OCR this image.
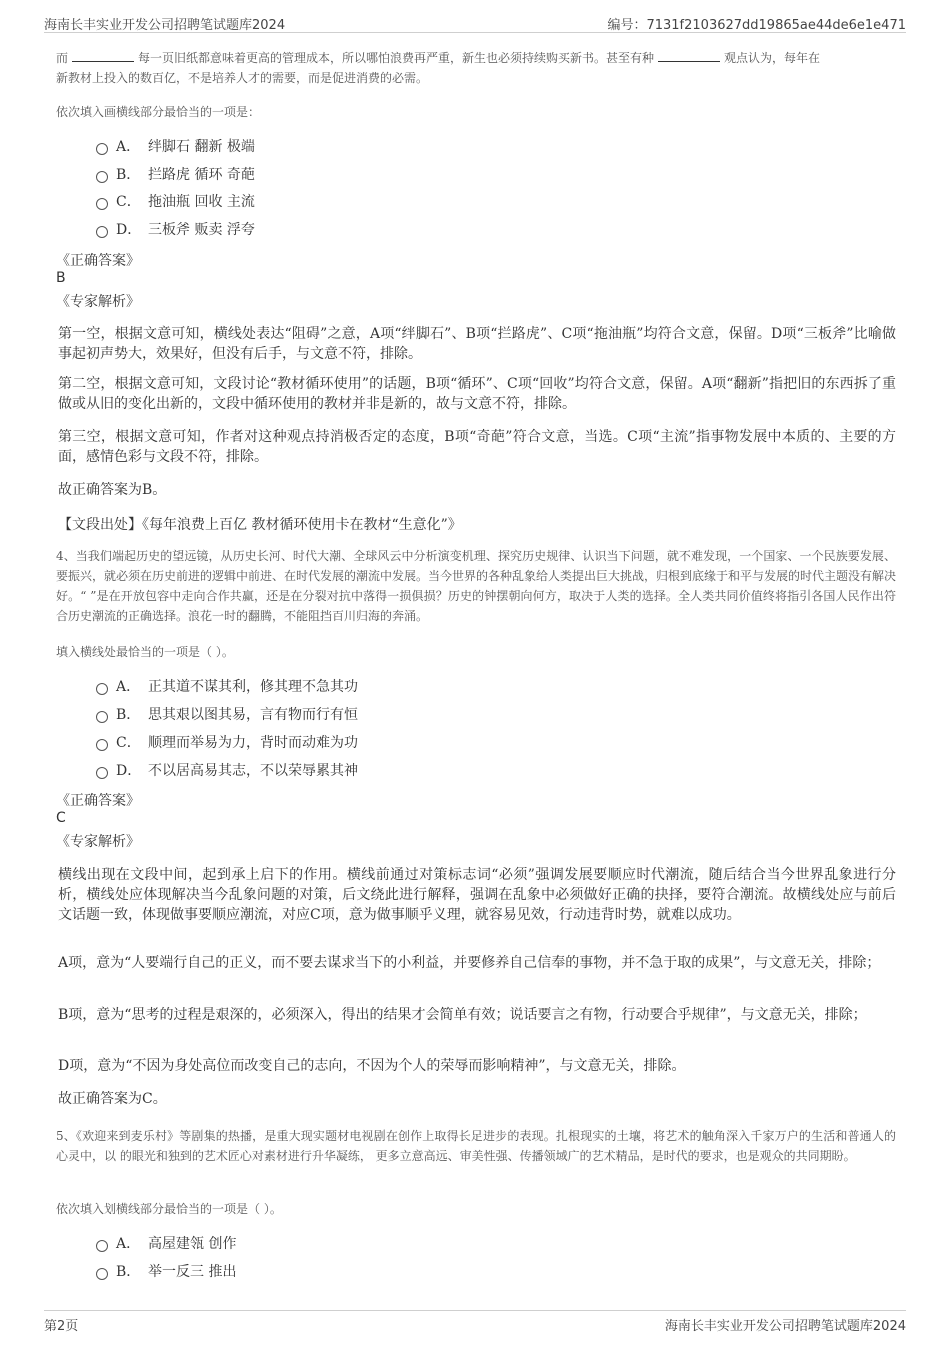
海南长丰实业开发公司招聘笔试题库2024	编号：7131f2103627dd19865ae44de6e1e471
而	每一页旧纸都意味着更高的管理成本，所以哪怕浪费再严重，新生也必须持续购买新书。甚至有种	观点认为，每年在
新教材上投入的数百亿，不是培养人才的需要，而是促进消费的必需。
依次填入画横线部分最恰当的一项是：
A． 绊脚石 翻新 极端
B． 拦路虎 循环 奇葩
C． 拖油瓶 回收 主流
D． 三板斧 贩卖 浮夸
《正确答案》
B
《专家解析》
第一空，根据文意可知，横线处表达“阻碍”之意，A项“绊脚石”、B项“拦路虎”、C项“拖油瓶”均符合文意，保留。D项“三板斧”比喻做事起初声势大，效果好，但没有后手，与文意不符，排除。
第二空，根据文意可知，文段讨论“教材循环使用”的话题，B项“循环”、C项“回收”均符合文意，保留。A项“翻新”指把旧的东西拆了重做或从旧的变化出新的，文段中循环使用的教材并非是新的，故与文意不符，排除。
第三空，根据文意可知，作者对这种观点持消极否定的态度，B项“奇葩”符合文意，当选。C项“主流”指事物发展中本质的、主要的方面，感情色彩与文段不符，排除。
故正确答案为B。
【文段出处】《每年浪费上百亿 教材循环使用卡在教材“生意化”》
4、当我们端起历史的望远镜，从历史长河、时代大潮、全球风云中分析演变机理、探究历史规律、认识当下问题，就不难发现，一个国家、一个民族要发展、要振兴，就必须在历史前进的逻辑中前进、在时代发展的潮流中发展。当今世界的各种乱象给人类提出巨大挑战，归根到底缘于和平与发展的时代主题没有解决好。“ ”是在开放包容中走向合作共赢，还是在分裂对抗中落得一损俱损？历史的钟摆朝向何方，取决于人类的选择。全人类共同价值终将指引各国人民作出符合历史潮流的正确选择。浪花一时的翻腾，不能阻挡百川归海的奔涌。
填入横线处最恰当的一项是（ ）。
A． 正其道不谋其利，修其理不急其功
B． 思其艰以图其易，言有物而行有恒
C． 顺理而举易为力，背时而动难为功
D． 不以居高易其志，不以荣辱累其神
《正确答案》
C
《专家解析》
横线出现在文段中间，起到承上启下的作用。横线前通过对策标志词“必须”强调发展要顺应时代潮流，随后结合当今世界乱象进行分析，横线处应体现解决当今乱象问题的对策，后文绕此进行解释，强调在乱象中必须做好正确的抉择，要符合潮流。故横线处应与前后文话题一致，体现做事要顺应潮流，对应C项，意为做事顺乎义理，就容易见效，行动违背时势，就难以成功。
A项，意为“人要端行自己的正义，而不要去谋求当下的小利益，并要修养自己信奉的事物，并不急于取的成果”，与文意无关，排除；
B项，意为“思考的过程是艰深的，必须深入，得出的结果才会简单有效；说话要言之有物，行动要合乎规律”，与文意无关，排除；
D项，意为“不因为身处高位而改变自己的志向，不因为个人的荣辱而影响精神”，与文意无关，排除。
故正确答案为C。
5、《欢迎来到麦乐村》等剧集的热播，是重大现实题材电视剧在创作上取得长足进步的表现。扎根现实的土壤，将艺术的触角深入千家万户的生活和普通人的心灵中，以 的眼光和独到的艺术匠心对素材进行升华凝练， 更多立意高远、审美性强、传播领域广的艺术精品，是时代的要求，也是观众的共同期盼。
依次填入划横线部分最恰当的一项是（ ）。
A． 高屋建瓴 创作
B． 举一反三 推出
第2页	海南长丰实业开发公司招聘笔试题库2024
